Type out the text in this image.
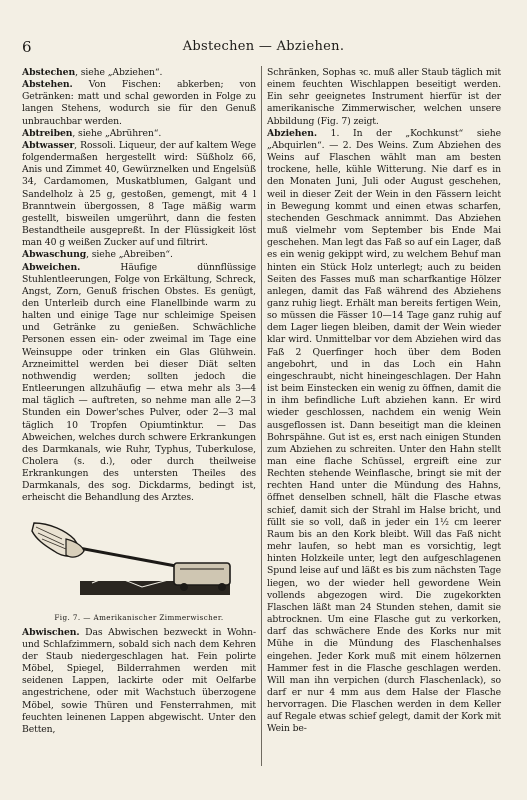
6	Abstechen — Abziehen.

Abstechen, siehe „Abziehen“.

Abstehen. Von Fischen: abkerben; von Getränken: matt und schal geworden in Folge zu langen Stehens, wodurch sie für den Genuß unbrauchbar werden.

Abtreiben, siehe „Abrühren“.

Abtwasser, Rossoli. Liqueur, der auf kaltem Wege folgendermaßen hergestellt wird: Süßholz 66, Anis und Zimmet 40, Gewürznelken und Engelsüß 34, Cardamomen, Muskatblumen, Galgant und Sandelholz à 25 g, gestoßen, gemengt, mit 4 l Branntwein übergossen, 8 Tage mäßig warm gestellt, bisweilen umgerührt, dann die festen Bestandtheile ausgepreßt. In der Flüssigkeit löst man 40 g weißen Zucker auf und filtrirt.

Abwaschung, siehe „Abreiben“.

Abweichen. Häufige dünnflüssige Stuhlentleerungen, Folge von Erkältung, Schreck, Angst, Zorn, Genuß frischen Obstes. Es genügt, den Unterleib durch eine Flanellbinde warm zu halten und einige Tage nur schleimige Speisen und Getränke zu genießen. Schwächliche Personen essen ein- oder zweimal im Tage eine Weinsuppe oder trinken ein Glas Glühwein. Arzneimittel werden bei dieser Diät selten nothwendig werden; sollten jedoch die Entleerungen allzuhäufig — etwa mehr als 3—4 mal täglich — auftreten, so nehme man alle 2—3 Stunden ein Dower'sches Pulver, oder 2—3 mal täglich 10 Tropfen Opiumtinktur. — Das Abweichen, welches durch schwere Erkrankungen des Darmkanals, wie Ruhr, Typhus, Tuberkulose, Cholera (s. d.), oder durch theilweise Erkrankungen des untersten Theiles des Darmkanals, des sog. Dickdarms, bedingt ist, erheischt die Behandlung des Arztes.

Fig. 7. — Amerikanischer Zimmerwischer.

Abwischen. Das Abwischen bezweckt in Wohn- und Schlafzimmern, sobald sich nach dem Kehren der Staub niedergeschlagen hat. Fein polirte Möbel, Spiegel, Bilderrahmen werden mit seidenen Lappen, lackirte oder mit Oelfarbe angestrichene, oder mit Wachstuch überzogene Möbel, sowie Thüren und Fensterrahmen, mit feuchten leinenen Lappen abgewischt. Unter den Betten,

Schränken, Sophas ꝛc. muß aller Staub täglich mit einem feuchten Wischlappen beseitigt werden. Ein sehr geeignetes Instrument hierfür ist der amerikanische Zimmerwischer, welchen unsere Abbildung (Fig. 7) zeigt.

Abziehen. 1. In der „Kochkunst“ siehe „Abquirlen“. — 2. Des Weins. Zum Abziehen des Weins auf Flaschen wählt man am besten trockene, helle, kühle Witterung. Nie darf es in den Monaten Juni, Juli oder August geschehen, weil in dieser Zeit der Wein in den Fässern leicht in Bewegung kommt und einen etwas scharfen, stechenden Geschmack annimmt. Das Abziehen muß vielmehr vom September bis Ende Mai geschehen. Man legt das Faß so auf ein Lager, daß es ein wenig gekippt wird, zu welchem Behuf man hinten ein Stück Holz unterlegt; auch zu beiden Seiten des Fasses muß man scharfkantige Hölzer anlegen, damit das Faß während des Abziehens ganz ruhig liegt. Erhält man bereits fertigen Wein, so müssen die Fässer 10—14 Tage ganz ruhig auf dem Lager liegen bleiben, damit der Wein wieder klar wird. Unmittelbar vor dem Abziehen wird das Faß 2 Querfinger hoch über dem Boden angebohrt, und in das Loch ein Hahn eingeschraubt, nicht hineingeschlagen. Der Hahn ist beim Einstecken ein wenig zu öffnen, damit die in ihm befindliche Luft abziehen kann. Er wird wieder geschlossen, nachdem ein wenig Wein ausgeflossen ist. Dann beseitigt man die kleinen Bohrspähne. Gut ist es, erst nach einigen Stunden zum Abziehen zu schreiten. Unter den Hahn stellt man eine flache Schüssel, ergreift eine zur Rechten stehende Weinflasche, bringt sie mit der rechten Hand unter die Mündung des Hahns, öffnet denselben schnell, hält die Flasche etwas schief, damit sich der Strahl im Halse bricht, und füllt sie so voll, daß in jeder ein 1½ cm leerer Raum bis an den Kork bleibt. Will das Faß nicht mehr laufen, so hebt man es vorsichtig, legt hinten Holzkeile unter, legt den aufgeschlagenen Spund leise auf und läßt es bis zum nächsten Tage liegen, wo der wieder hell gewordene Wein vollends abgezogen wird. Die zugekorkten Flaschen läßt man 24 Stunden stehen, damit sie abtrocknen. Um eine Flasche gut zu verkorken, darf das schwächere Ende des Korks nur mit Mühe in die Mündung des Flaschenhalses eingehen. Jeder Kork muß mit einem hölzernen Hammer fest in die Flasche geschlagen werden. Will man ihn verpichen (durch Flaschenlack), so darf er nur 4 mm aus dem Halse der Flasche hervorragen. Die Flaschen werden in dem Keller auf Regale etwas schief gelegt, damit der Kork mit Wein be-
